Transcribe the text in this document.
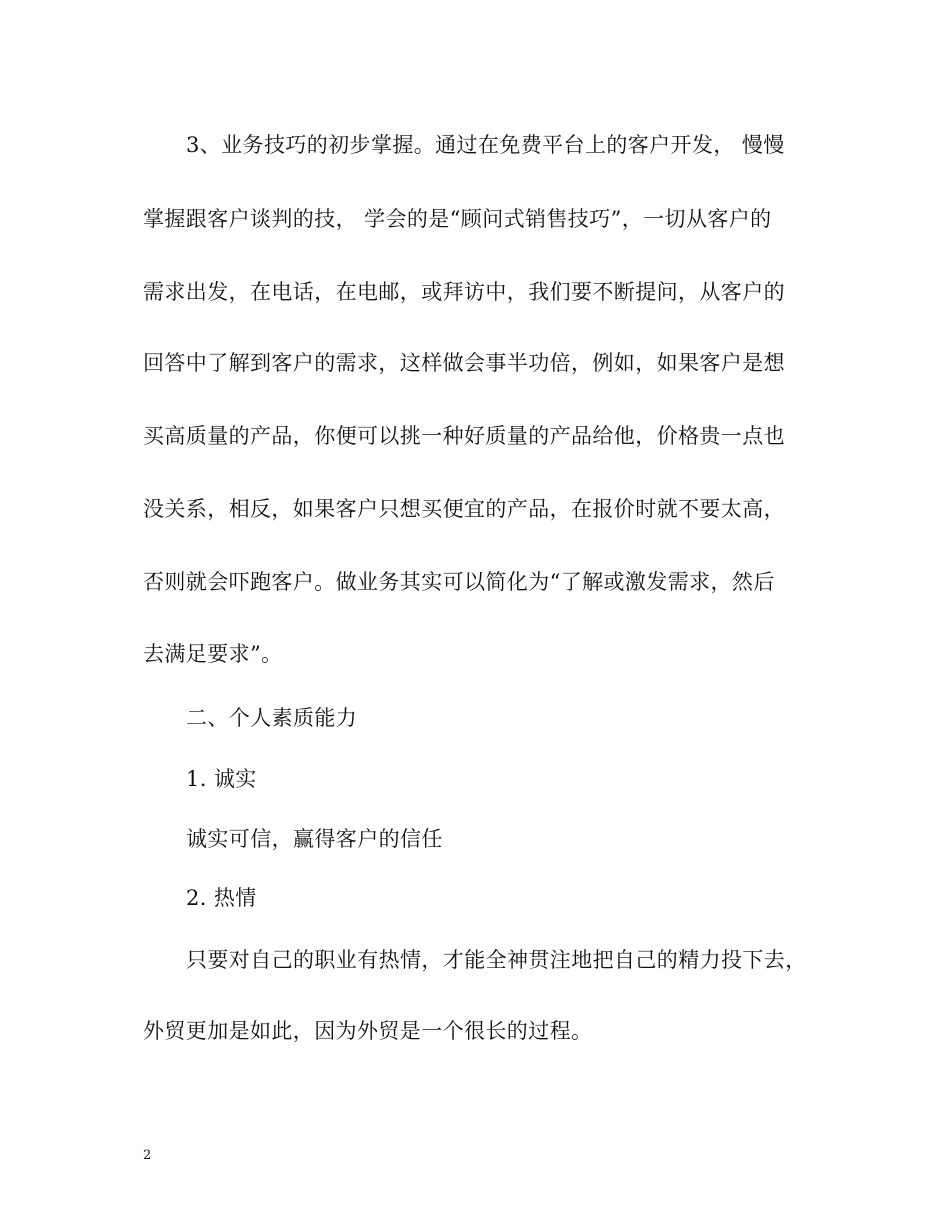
3、业务技巧的初步掌握。通过在免费平台上的客户开发， 慢慢
掌握跟客户谈判的技， 学会的是“顾问式销售技巧”，一切从客户的
需求出发，在电话，在电邮，或拜访中，我们要不断提问，从客户的
回答中了解到客户的需求，这样做会事半功倍，例如，如果客户是想
买高质量的产品，你便可以挑一种好质量的产品给他，价格贵一点也
没关系，相反，如果客户只想买便宜的产品，在报价时就不要太高，
否则就会吓跑客户。做业务其实可以简化为“了解或激发需求，然后
去满足要求”。
二、个人素质能力
1. 诚实
诚实可信，赢得客户的信任
2. 热情
只要对自己的职业有热情，才能全神贯注地把自己的精力投下去，
外贸更加是如此，因为外贸是一个很长的过程。
2
